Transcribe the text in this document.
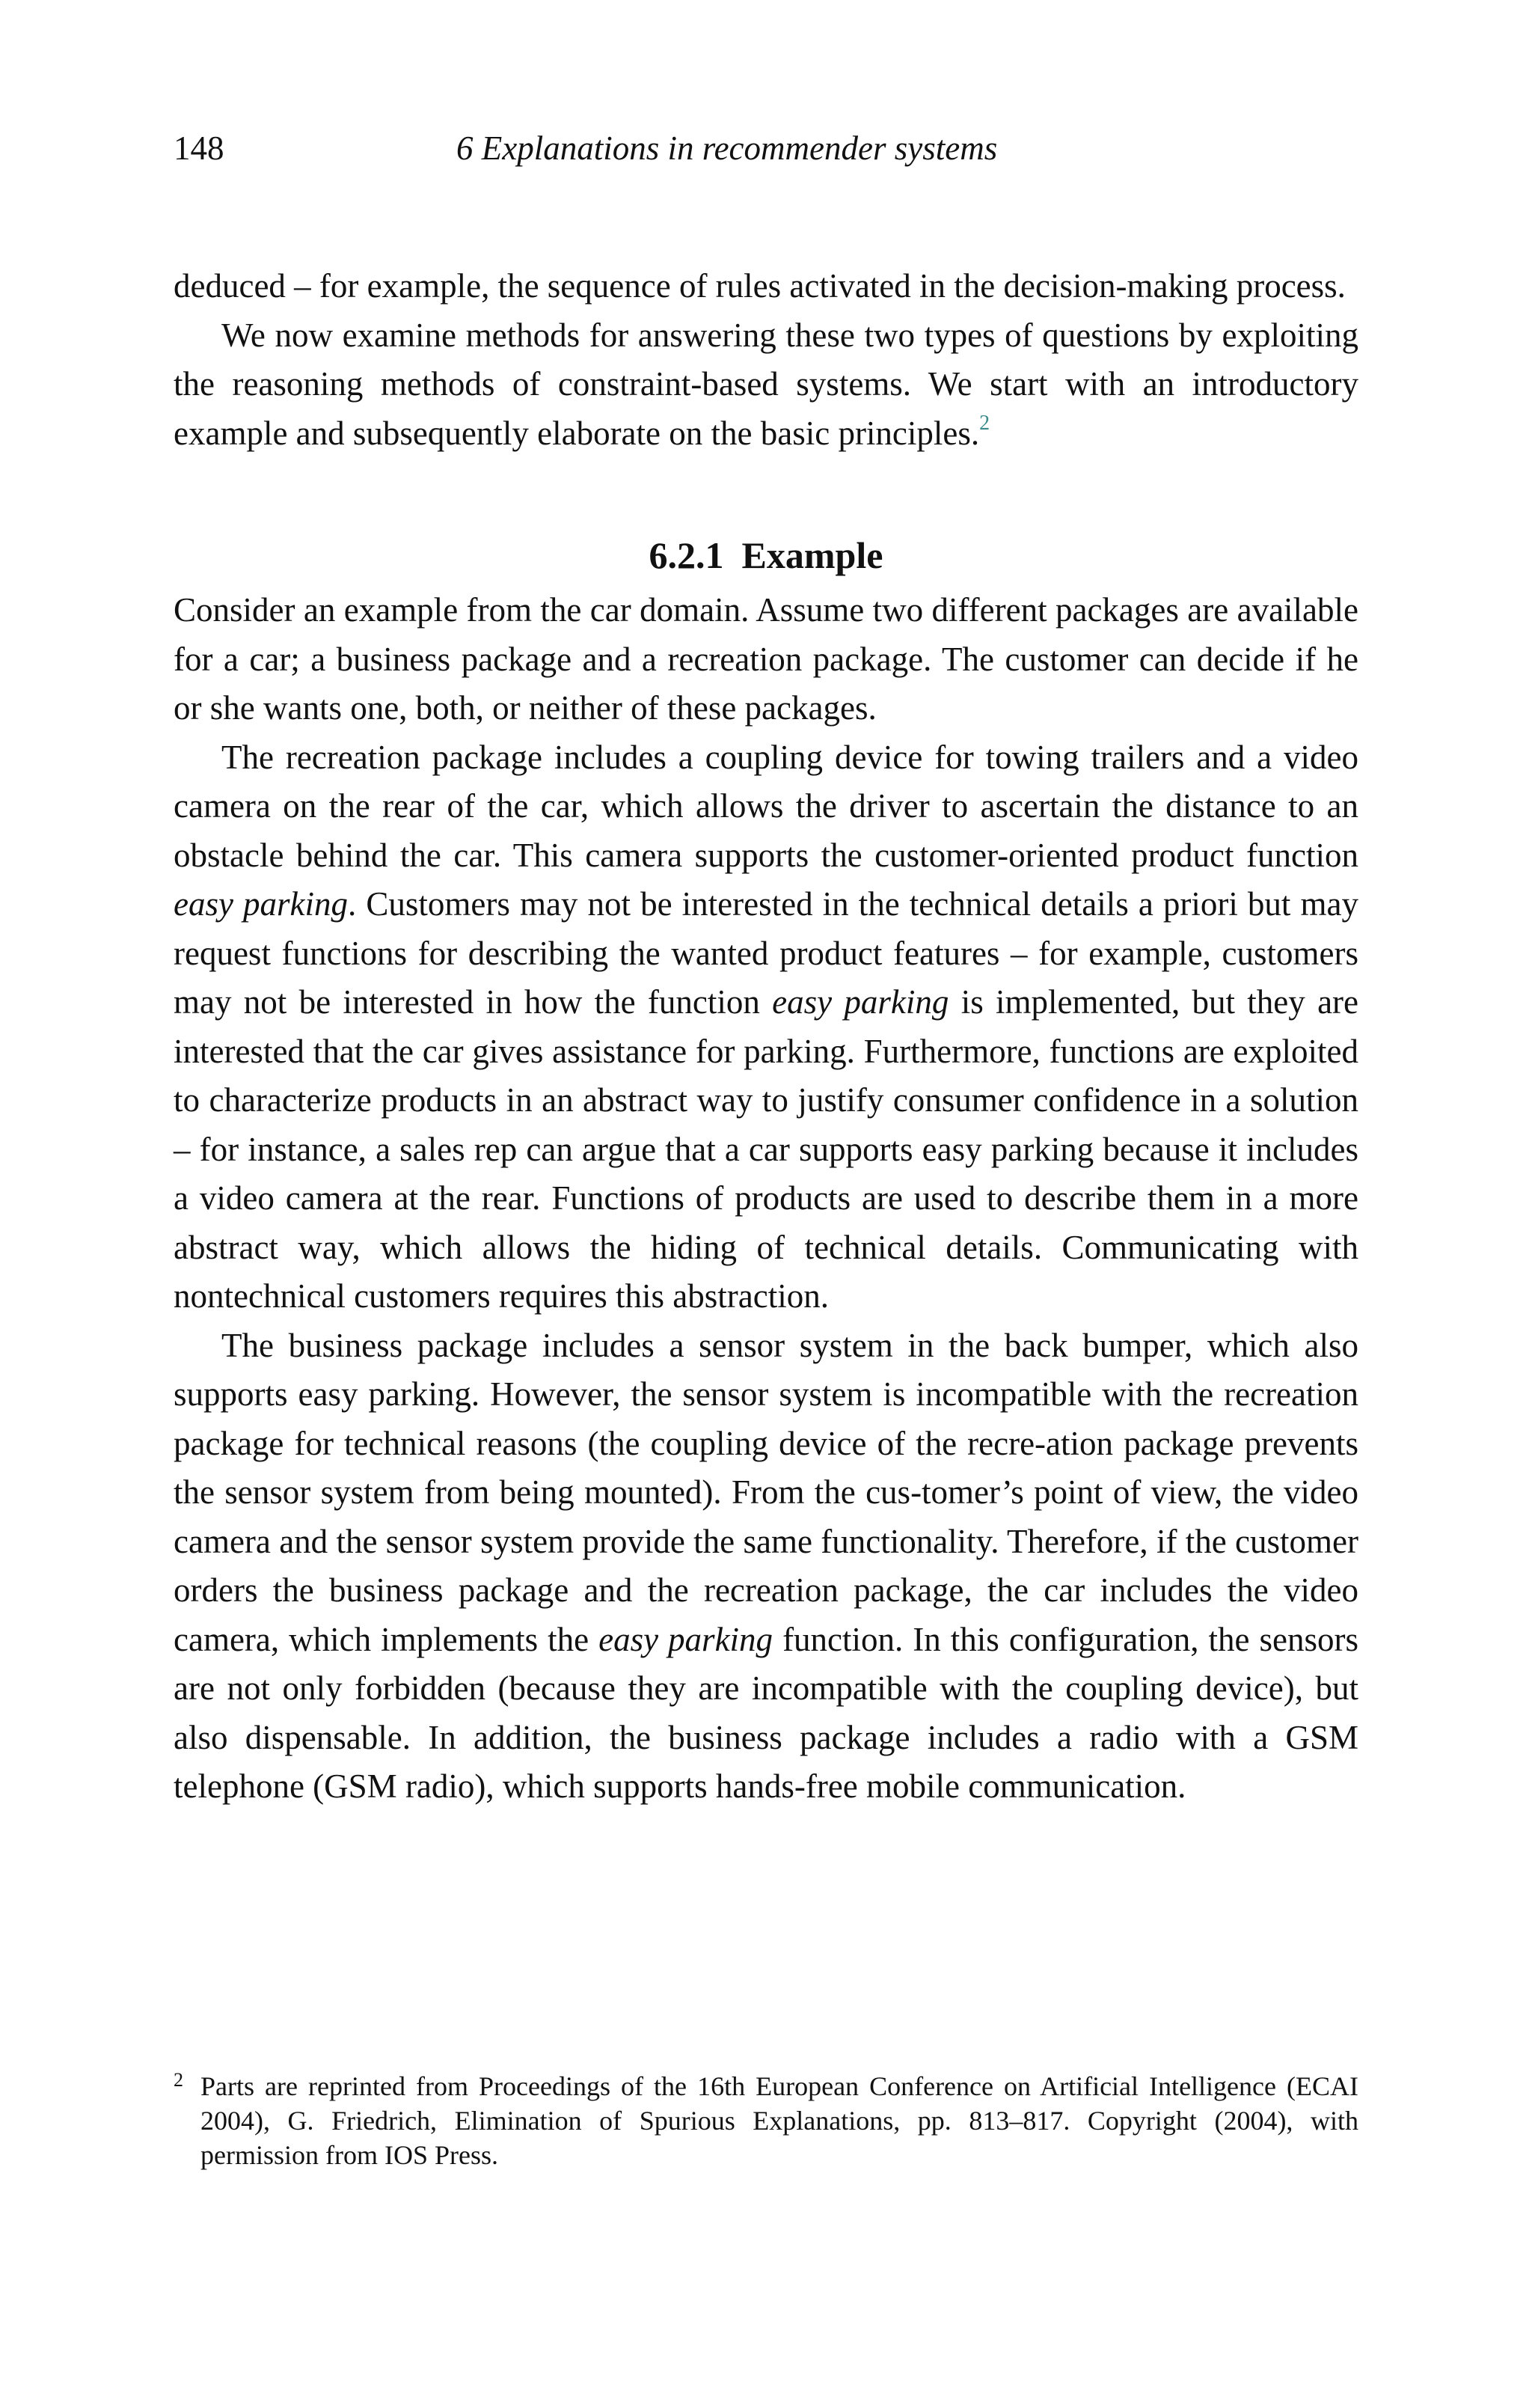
148	6 Explanations in recommender systems

deduced – for example, the sequence of rules activated in the decision-making process.

We now examine methods for answering these two types of questions by exploiting the reasoning methods of constraint-based systems. We start with an introductory example and subsequently elaborate on the basic principles.$^2$

6.2.1 Example

Consider an example from the car domain. Assume two different packages are available for a car; a business package and a recreation package. The customer can decide if he or she wants one, both, or neither of these packages.

The recreation package includes a coupling device for towing trailers and a video camera on the rear of the car, which allows the driver to ascertain the distance to an obstacle behind the car. This camera supports the customer-oriented product function easy parking. Customers may not be interested in the technical details a priori but may request functions for describing the wanted product features – for example, customers may not be interested in how the function easy parking is implemented, but they are interested that the car gives assistance for parking. Furthermore, functions are exploited to characterize products in an abstract way to justify consumer confidence in a solution – for instance, a sales rep can argue that a car supports easy parking because it includes a video camera at the rear. Functions of products are used to describe them in a more abstract way, which allows the hiding of technical details. Communicating with nontechnical customers requires this abstraction.

The business package includes a sensor system in the back bumper, which also supports easy parking. However, the sensor system is incompatible with the recreation package for technical reasons (the coupling device of the recre-ation package prevents the sensor system from being mounted). From the cus-tomer’s point of view, the video camera and the sensor system provide the same functionality. Therefore, if the customer orders the business package and the recreation package, the car includes the video camera, which implements the easy parking function. In this configuration, the sensors are not only forbidden (because they are incompatible with the coupling device), but also dispensable. In addition, the business package includes a radio with a GSM telephone (GSM radio), which supports hands-free mobile communication.

2 Parts are reprinted from Proceedings of the 16th European Conference on Artificial Intelligence (ECAI 2004), G. Friedrich, Elimination of Spurious Explanations, pp. 813–817. Copyright (2004), with permission from IOS Press.
